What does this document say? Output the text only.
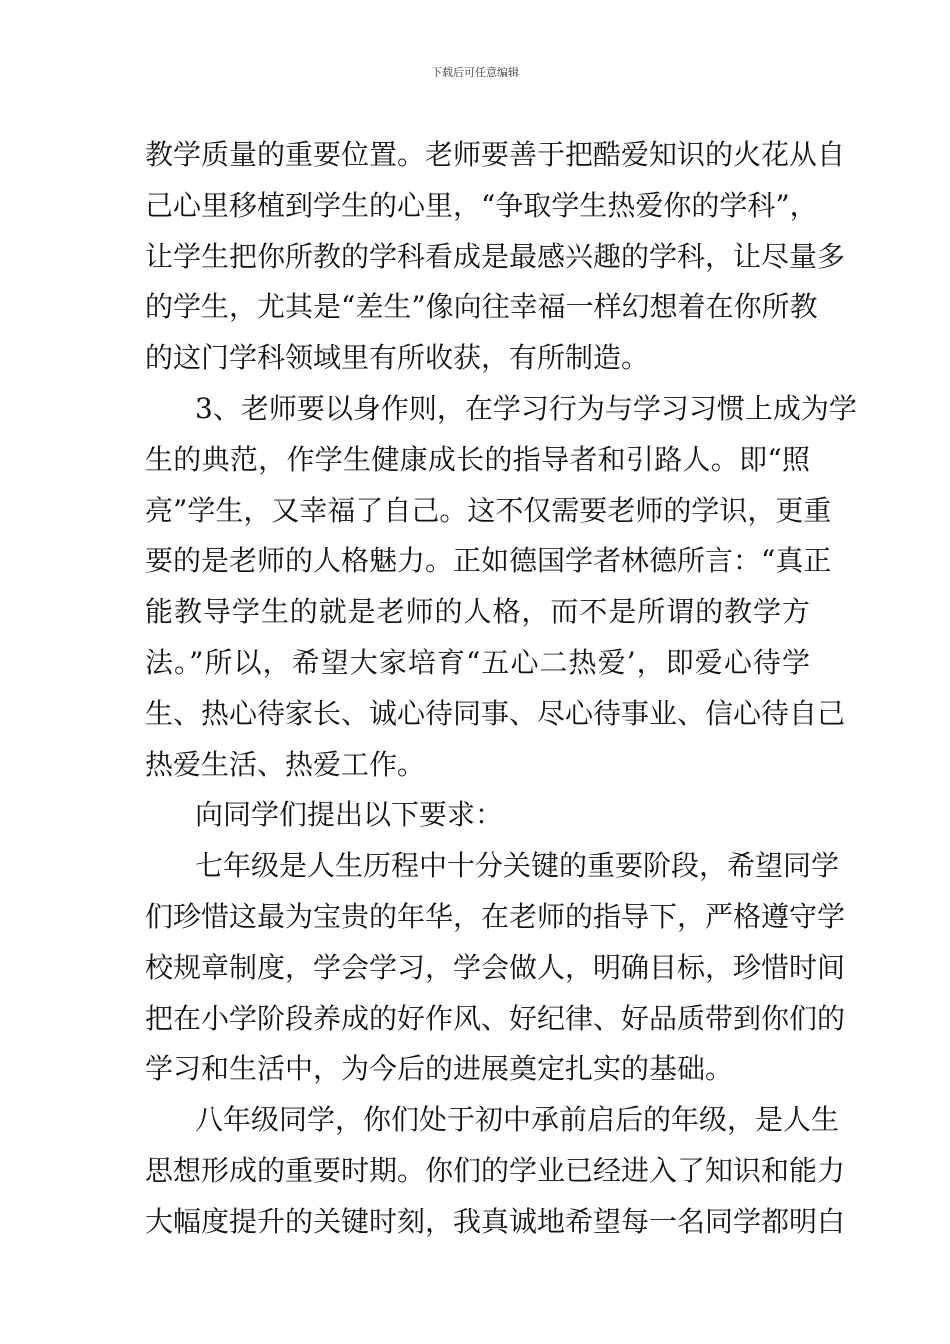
下载后可任意编辑
教学质量的重要位置。老师要善于把酷爱知识的火花从自
己心里移植到学生的心里，“争取学生热爱你的学科”，
让学生把你所教的学科看成是最感兴趣的学科，让尽量多
的学生，尤其是“差生”像向往幸福一样幻想着在你所教
的这门学科领域里有所收获，有所制造。
3、老师要以身作则，在学习行为与学习习惯上成为学
生的典范，作学生健康成长的指导者和引路人。即“照
亮”学生，又幸福了自己。这不仅需要老师的学识，更重
要的是老师的人格魅力。正如德国学者林德所言：“真正
能教导学生的就是老师的人格，而不是所谓的教学方
法。”所以，希望大家培育“五心二热爱’，即爱心待学
生、热心待家长、诚心待同事、尽心待事业、信心待自己
热爱生活、热爱工作。
向同学们提出以下要求：
七年级是人生历程中十分关键的重要阶段，希望同学
们珍惜这最为宝贵的年华，在老师的指导下，严格遵守学
校规章制度，学会学习，学会做人，明确目标，珍惜时间
把在小学阶段养成的好作风、好纪律、好品质带到你们的
学习和生活中，为今后的进展奠定扎实的基础。
八年级同学，你们处于初中承前启后的年级，是人生
思想形成的重要时期。你们的学业已经进入了知识和能力
大幅度提升的关键时刻，我真诚地希望每一名同学都明白
